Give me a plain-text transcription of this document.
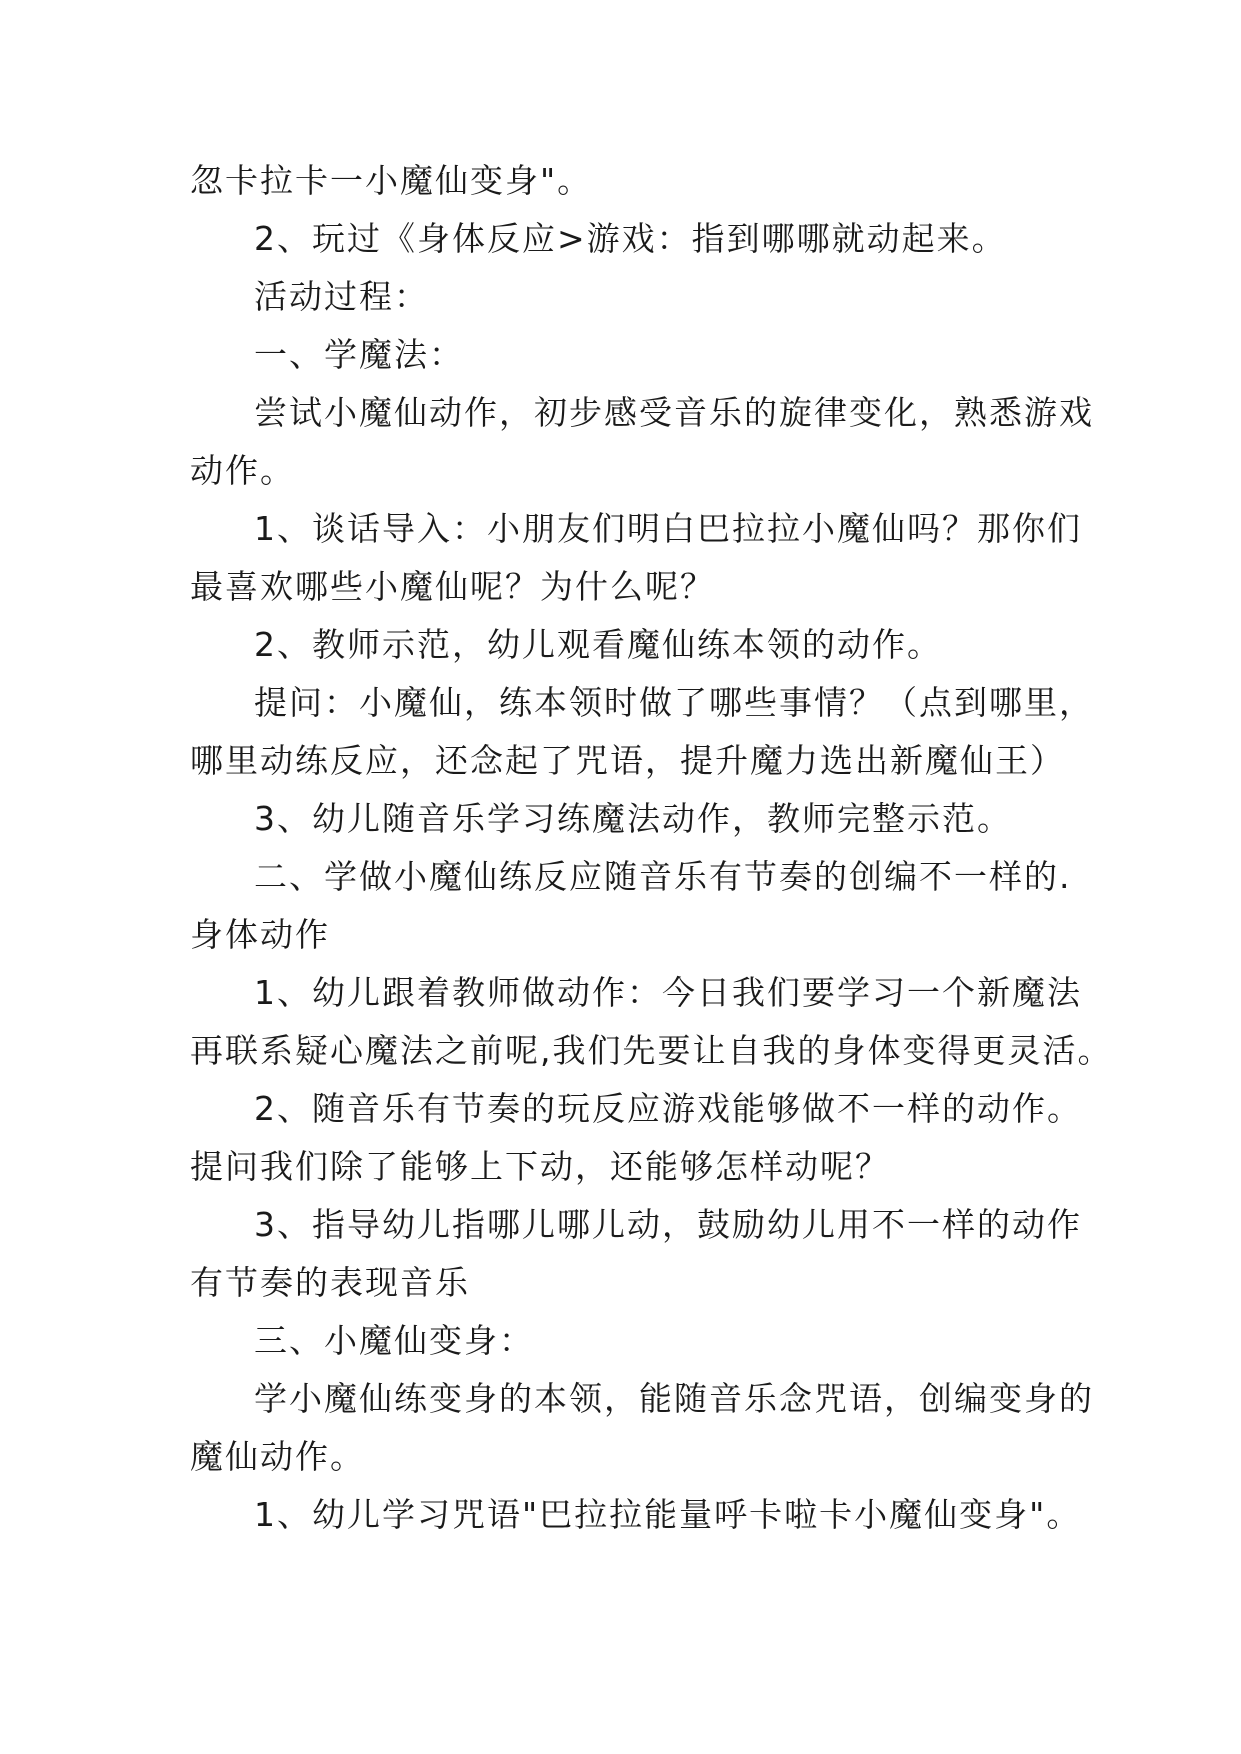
忽卡拉卡一小魔仙变身"。
2、玩过《身体反应>游戏：指到哪哪就动起来。
活动过程：
一、学魔法：
尝试小魔仙动作，初步感受音乐的旋律变化，熟悉游戏
动作。
1、谈话导入：小朋友们明白巴拉拉小魔仙吗？那你们
最喜欢哪些小魔仙呢？为什么呢？
2、教师示范，幼儿观看魔仙练本领的动作。
提问：小魔仙，练本领时做了哪些事情？（点到哪里，
哪里动练反应，还念起了咒语，提升魔力选出新魔仙王）
3、幼儿随音乐学习练魔法动作，教师完整示范。
二、学做小魔仙练反应随音乐有节奏的创编不一样的.
身体动作
1、幼儿跟着教师做动作：今日我们要学习一个新魔法
再联系疑心魔法之前呢,我们先要让自我的身体变得更灵活。
2、随音乐有节奏的玩反应游戏能够做不一样的动作。
提问我们除了能够上下动，还能够怎样动呢？
3、指导幼儿指哪儿哪儿动，鼓励幼儿用不一样的动作
有节奏的表现音乐
三、小魔仙变身：
学小魔仙练变身的本领，能随音乐念咒语，创编变身的
魔仙动作。
1、幼儿学习咒语"巴拉拉能量呼卡啦卡小魔仙变身"。
